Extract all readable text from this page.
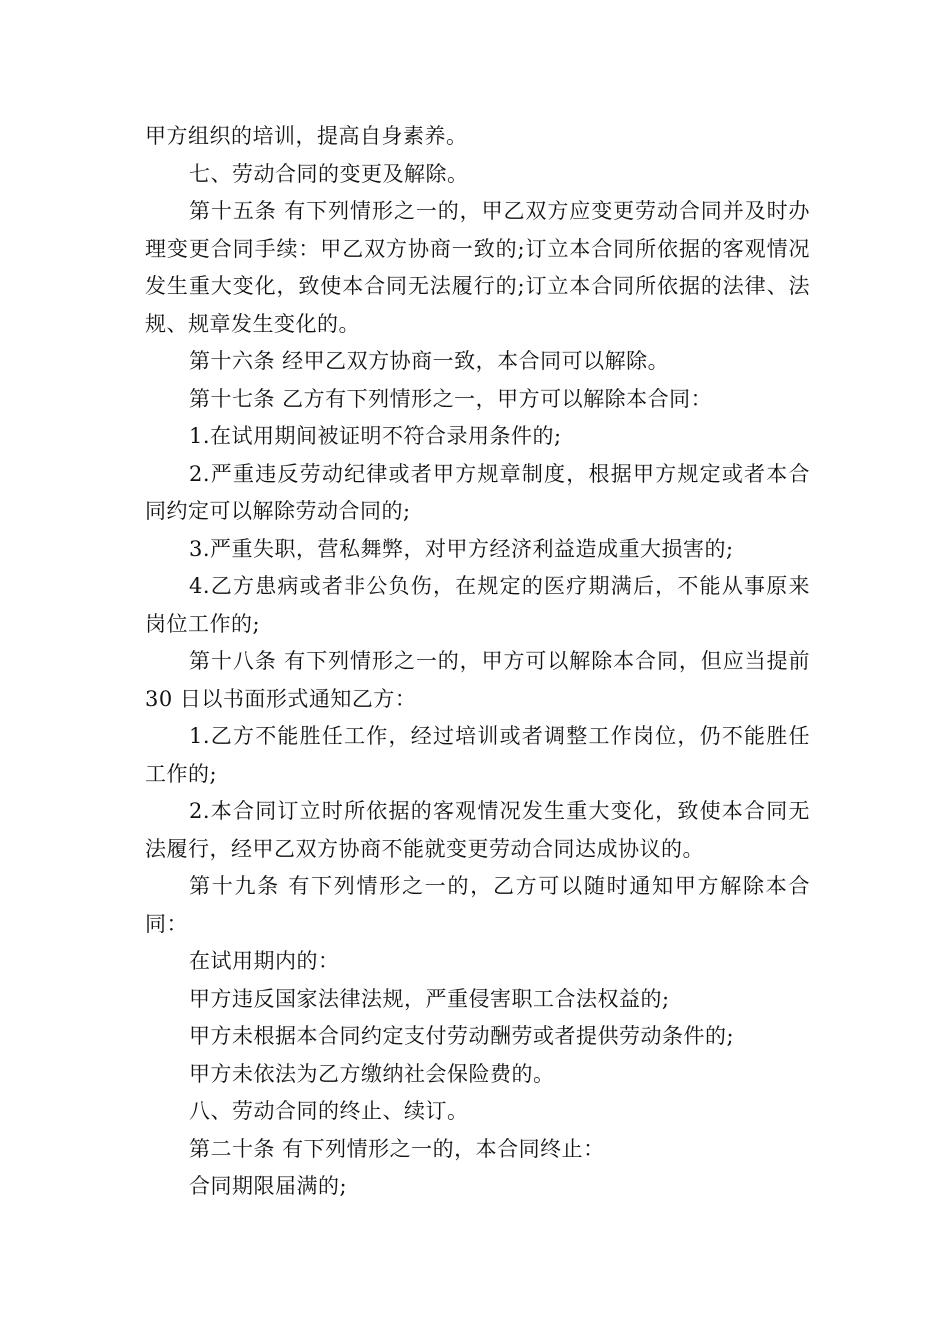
甲方组织的培训，提高自身素养。

七、劳动合同的变更及解除。

第十五条 有下列情形之一的，甲乙双方应变更劳动合同并及时办理变更合同手续：甲乙双方协商一致的;订立本合同所依据的客观情况发生重大变化，致使本合同无法履行的;订立本合同所依据的法律、法规、规章发生变化的。

第十六条 经甲乙双方协商一致，本合同可以解除。

第十七条 乙方有下列情形之一，甲方可以解除本合同：

1.在试用期间被证明不符合录用条件的;

2.严重违反劳动纪律或者甲方规章制度，根据甲方规定或者本合同约定可以解除劳动合同的;

3.严重失职，营私舞弊，对甲方经济利益造成重大损害的;

4.乙方患病或者非公负伤，在规定的医疗期满后，不能从事原来岗位工作的;

第十八条 有下列情形之一的，甲方可以解除本合同，但应当提前 30 日以书面形式通知乙方：

1.乙方不能胜任工作，经过培训或者调整工作岗位，仍不能胜任工作的;

2.本合同订立时所依据的客观情况发生重大变化，致使本合同无法履行，经甲乙双方协商不能就变更劳动合同达成协议的。

第十九条 有下列情形之一的，乙方可以随时通知甲方解除本合同：

在试用期内的：

甲方违反国家法律法规，严重侵害职工合法权益的;

甲方未根据本合同约定支付劳动酬劳或者提供劳动条件的;

甲方未依法为乙方缴纳社会保险费的。

八、劳动合同的终止、续订。

第二十条 有下列情形之一的，本合同终止：

合同期限届满的;
